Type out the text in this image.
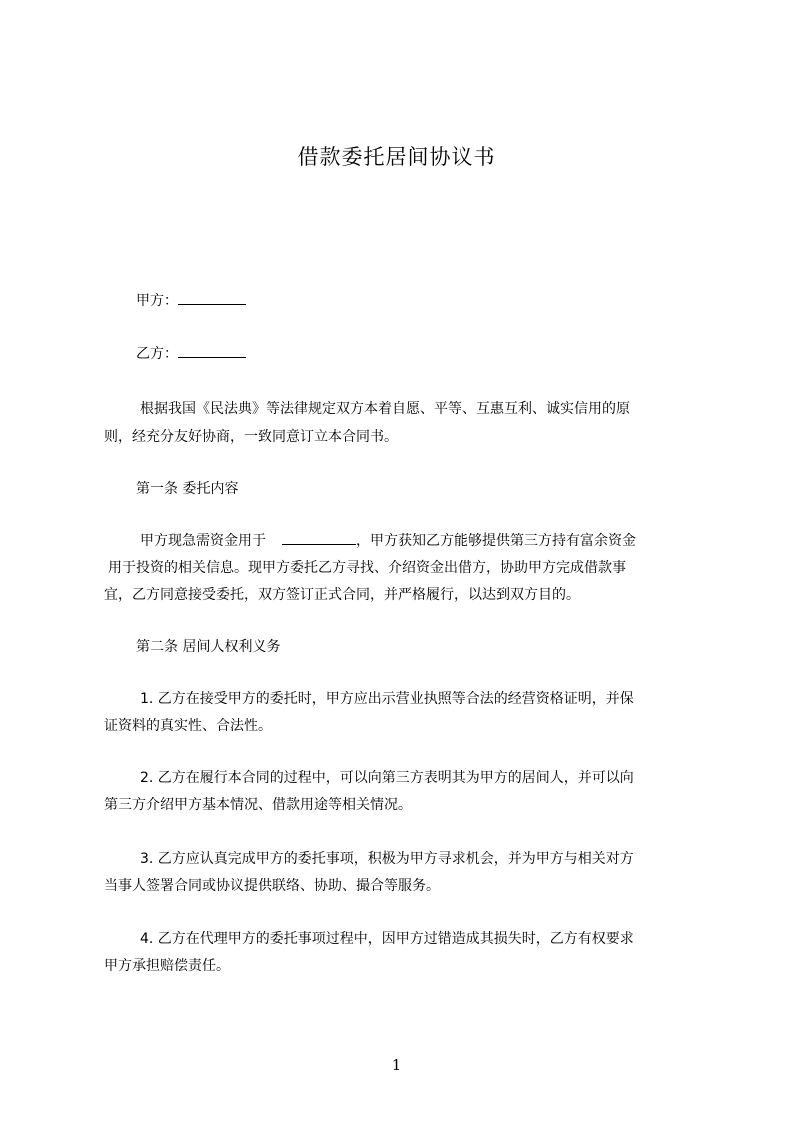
借款委托居间协议书
甲方：
乙方：
根据我国《民法典》等法律规定双方本着自愿、平等、互惠互利、诚实信用的原
则，经充分友好协商，一致同意订立本合同书。
第一条 委托内容
甲方现急需资金用于	，甲方获知乙方能够提供第三方持有富余资金
用于投资的相关信息。现甲方委托乙方寻找、介绍资金出借方，协助甲方完成借款事
宜，乙方同意接受委托，双方签订正式合同，并严格履行，以达到双方目的。
第二条 居间人权利义务
1. 乙方在接受甲方的委托时，甲方应出示营业执照等合法的经营资格证明，并保
证资料的真实性、合法性。
2. 乙方在履行本合同的过程中，可以向第三方表明其为甲方的居间人，并可以向
第三方介绍甲方基本情况、借款用途等相关情况。
3. 乙方应认真完成甲方的委托事项，积极为甲方寻求机会，并为甲方与相关对方
当事人签署合同或协议提供联络、协助、撮合等服务。
4. 乙方在代理甲方的委托事项过程中，因甲方过错造成其损失时，乙方有权要求
甲方承担赔偿责任。
1
